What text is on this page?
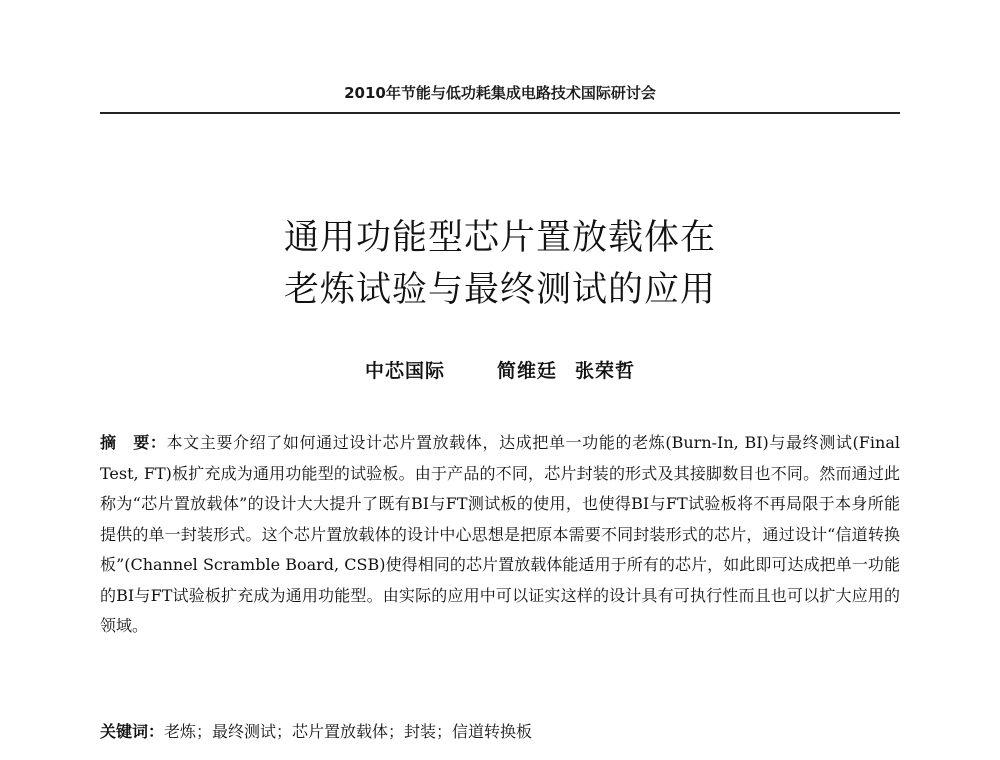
2010年节能与低功耗集成电路技术国际研讨会
通用功能型芯片置放载体在
老炼试验与最终测试的应用
中芯国际	简维廷 张荣哲
摘　要：本文主要介绍了如何通过设计芯片置放载体，达成把单一功能的老炼(Burn-In, BI)与最终测试(Final Test, FT)板扩充成为通用功能型的试验板。由于产品的不同，芯片封装的形式及其接脚数目也不同。然而通过此称为“芯片置放载体”的设计大大提升了既有BI与FT测试板的使用，也使得BI与FT试验板将不再局限于本身所能提供的单一封装形式。这个芯片置放载体的设计中心思想是把原本需要不同封装形式的芯片，通过设计“信道转换板”(Channel Scramble Board, CSB)使得相同的芯片置放载体能适用于所有的芯片，如此即可达成把单一功能的BI与FT试验板扩充成为通用功能型。由实际的应用中可以证实这样的设计具有可执行性而且也可以扩大应用的领域。
关键词：老炼；最终测试；芯片置放载体；封装；信道转换板
